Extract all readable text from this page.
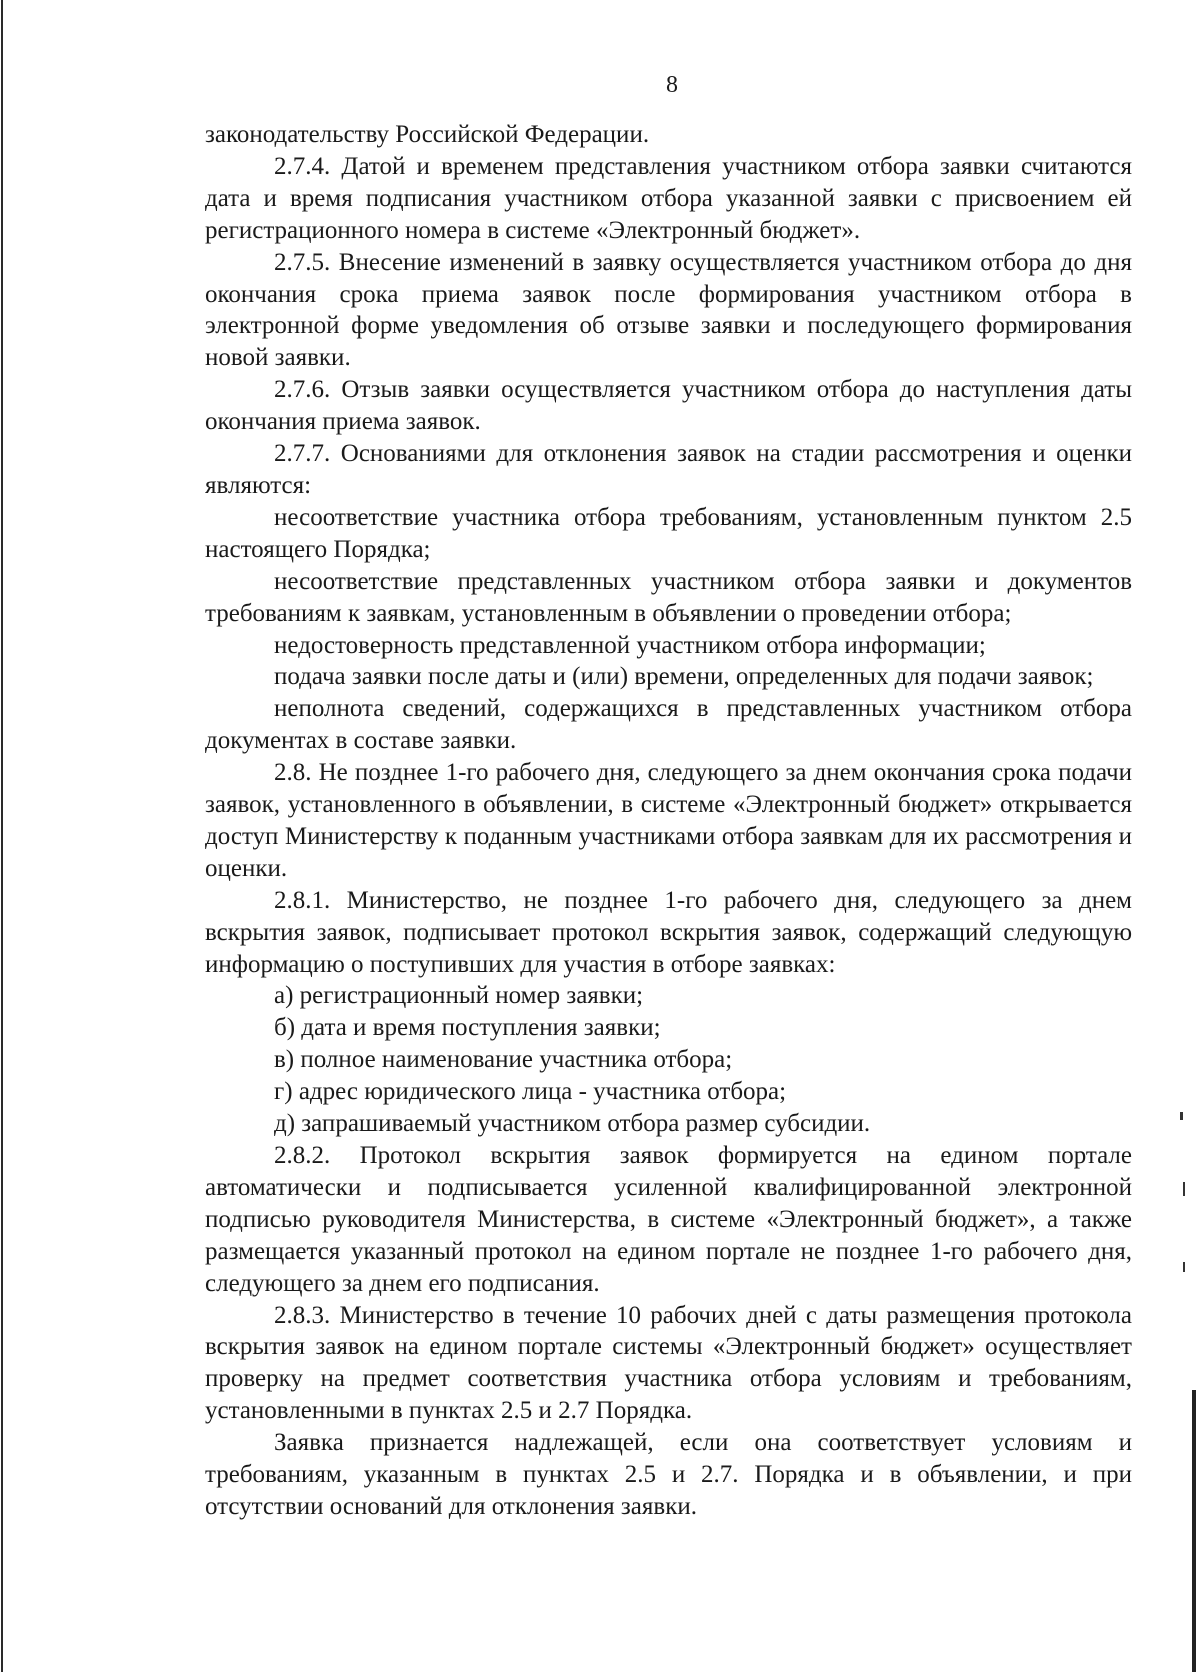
8

законодательству Российской Федерации.

2.7.4. Датой и временем представления участником отбора заявки считаются дата и время подписания участником отбора указанной заявки с присвоением ей регистрационного номера в системе «Электронный бюджет».

2.7.5. Внесение изменений в заявку осуществляется участником отбора до дня окончания срока приема заявок после формирования участником отбора в электронной форме уведомления об отзыве заявки и последующего формирования новой заявки.

2.7.6. Отзыв заявки осуществляется участником отбора до наступления даты окончания приема заявок.

2.7.7. Основаниями для отклонения заявок на стадии рассмотрения и оценки являются:

несоответствие участника отбора требованиям, установленным пунктом 2.5 настоящего Порядка;

несоответствие представленных участником отбора заявки и документов требованиям к заявкам, установленным в объявлении о проведении отбора;

недостоверность представленной участником отбора информации;

подача заявки после даты и (или) времени, определенных для подачи заявок;

неполнота сведений, содержащихся в представленных участником отбора документах в составе заявки.

2.8. Не позднее 1-го рабочего дня, следующего за днем окончания срока подачи заявок, установленного в объявлении, в системе «Электронный бюджет» открывается доступ Министерству к поданным участниками отбора заявкам для их рассмотрения и оценки.

2.8.1. Министерство, не позднее 1-го рабочего дня, следующего за днем вскрытия заявок, подписывает протокол вскрытия заявок, содержащий следующую информацию о поступивших для участия в отборе заявках:

а) регистрационный номер заявки;

б) дата и время поступления заявки;

в) полное наименование участника отбора;

г) адрес юридического лица - участника отбора;

д) запрашиваемый участником отбора размер субсидии.

2.8.2. Протокол вскрытия заявок формируется на едином портале автоматически и подписывается усиленной квалифицированной электронной подписью руководителя Министерства, в системе «Электронный бюджет», а также размещается указанный протокол на едином портале не позднее 1-го рабочего дня, следующего за днем его подписания.

2.8.3. Министерство в течение 10 рабочих дней с даты размещения протокола вскрытия заявок на едином портале системы «Электронный бюджет» осуществляет проверку на предмет соответствия участника отбора условиям и требованиям, установленными в пунктах 2.5 и 2.7 Порядка.

Заявка признается надлежащей, если она соответствует условиям и требованиям, указанным в пунктах 2.5 и 2.7. Порядка и в объявлении, и при отсутствии оснований для отклонения заявки.
